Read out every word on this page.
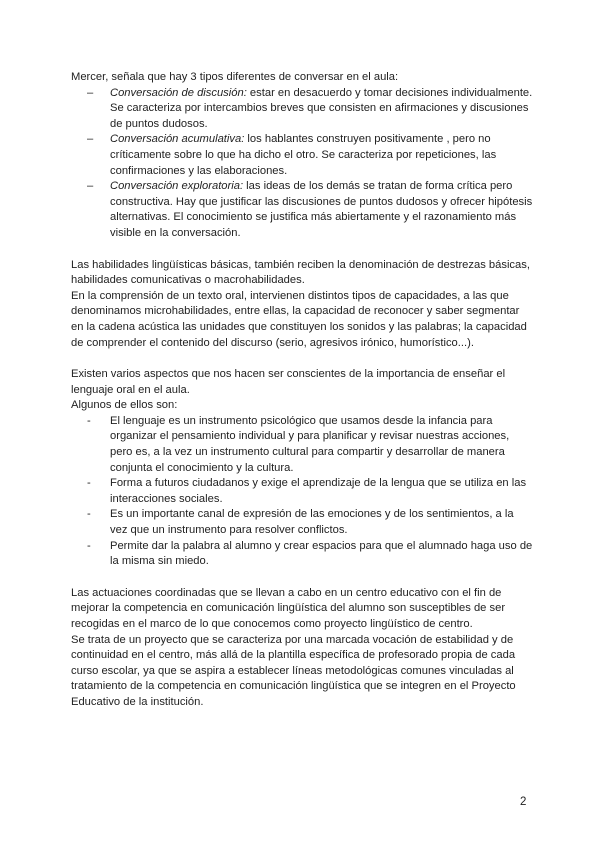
Mercer, señala que hay 3 tipos diferentes de conversar en el aula:

– Conversación de discusión: estar en desacuerdo y tomar decisiones individualmente. Se caracteriza por intercambios breves que consisten en afirmaciones y discusiones de puntos dudosos.
– Conversación acumulativa: los hablantes construyen positivamente , pero no críticamente sobre lo que ha dicho el otro. Se caracteriza por repeticiones, las confirmaciones y las elaboraciones.
– Conversación exploratoria: las ideas de los demás se tratan de forma crítica pero constructiva. Hay que justificar las discusiones de puntos dudosos y ofrecer hipótesis alternativas. El conocimiento se justifica más abiertamente y el razonamiento más visible en la conversación.

Las habilidades lingüísticas básicas, también reciben la denominación de destrezas básicas, habilidades comunicativas o macrohabilidades.

En la comprensión de un texto oral, intervienen distintos tipos de capacidades, a las que denominamos microhabilidades, entre ellas, la capacidad de reconocer y saber segmentar en la cadena acústica las unidades que constituyen los sonidos y las palabras; la capacidad de comprender el contenido del discurso (serio, agresivos irónico, humorístico...).

Existen varios aspectos que nos hacen ser conscientes de la importancia de enseñar el lenguaje oral en el aula.

Algunos de ellos son:

- El lenguaje es un instrumento psicológico que usamos desde la infancia para organizar el pensamiento individual y para planificar y revisar nuestras acciones, pero es, a la vez un instrumento cultural para compartir y desarrollar de manera conjunta el conocimiento y la cultura.
- Forma a futuros ciudadanos y exige el aprendizaje de la lengua que se utiliza en las interacciones sociales.
- Es un importante canal de expresión de las emociones y de los sentimientos, a la vez que un instrumento para resolver conflictos.
- Permite dar la palabra al alumno y crear espacios para que el alumnado haga uso de la misma sin miedo.

Las actuaciones coordinadas que se llevan a cabo en un centro educativo con el fin de mejorar la competencia en comunicación lingüística del alumno son susceptibles de ser recogidas en el marco de lo que conocemos como proyecto lingüístico de centro.

Se trata de un proyecto que se caracteriza por una marcada vocación de estabilidad y de continuidad en el centro, más allá de la plantilla específica de profesorado propia de cada curso escolar, ya que se aspira a establecer líneas metodológicas comunes vinculadas al tratamiento de la competencia en comunicación lingüística que se integren en el Proyecto Educativo de la institución.

2
